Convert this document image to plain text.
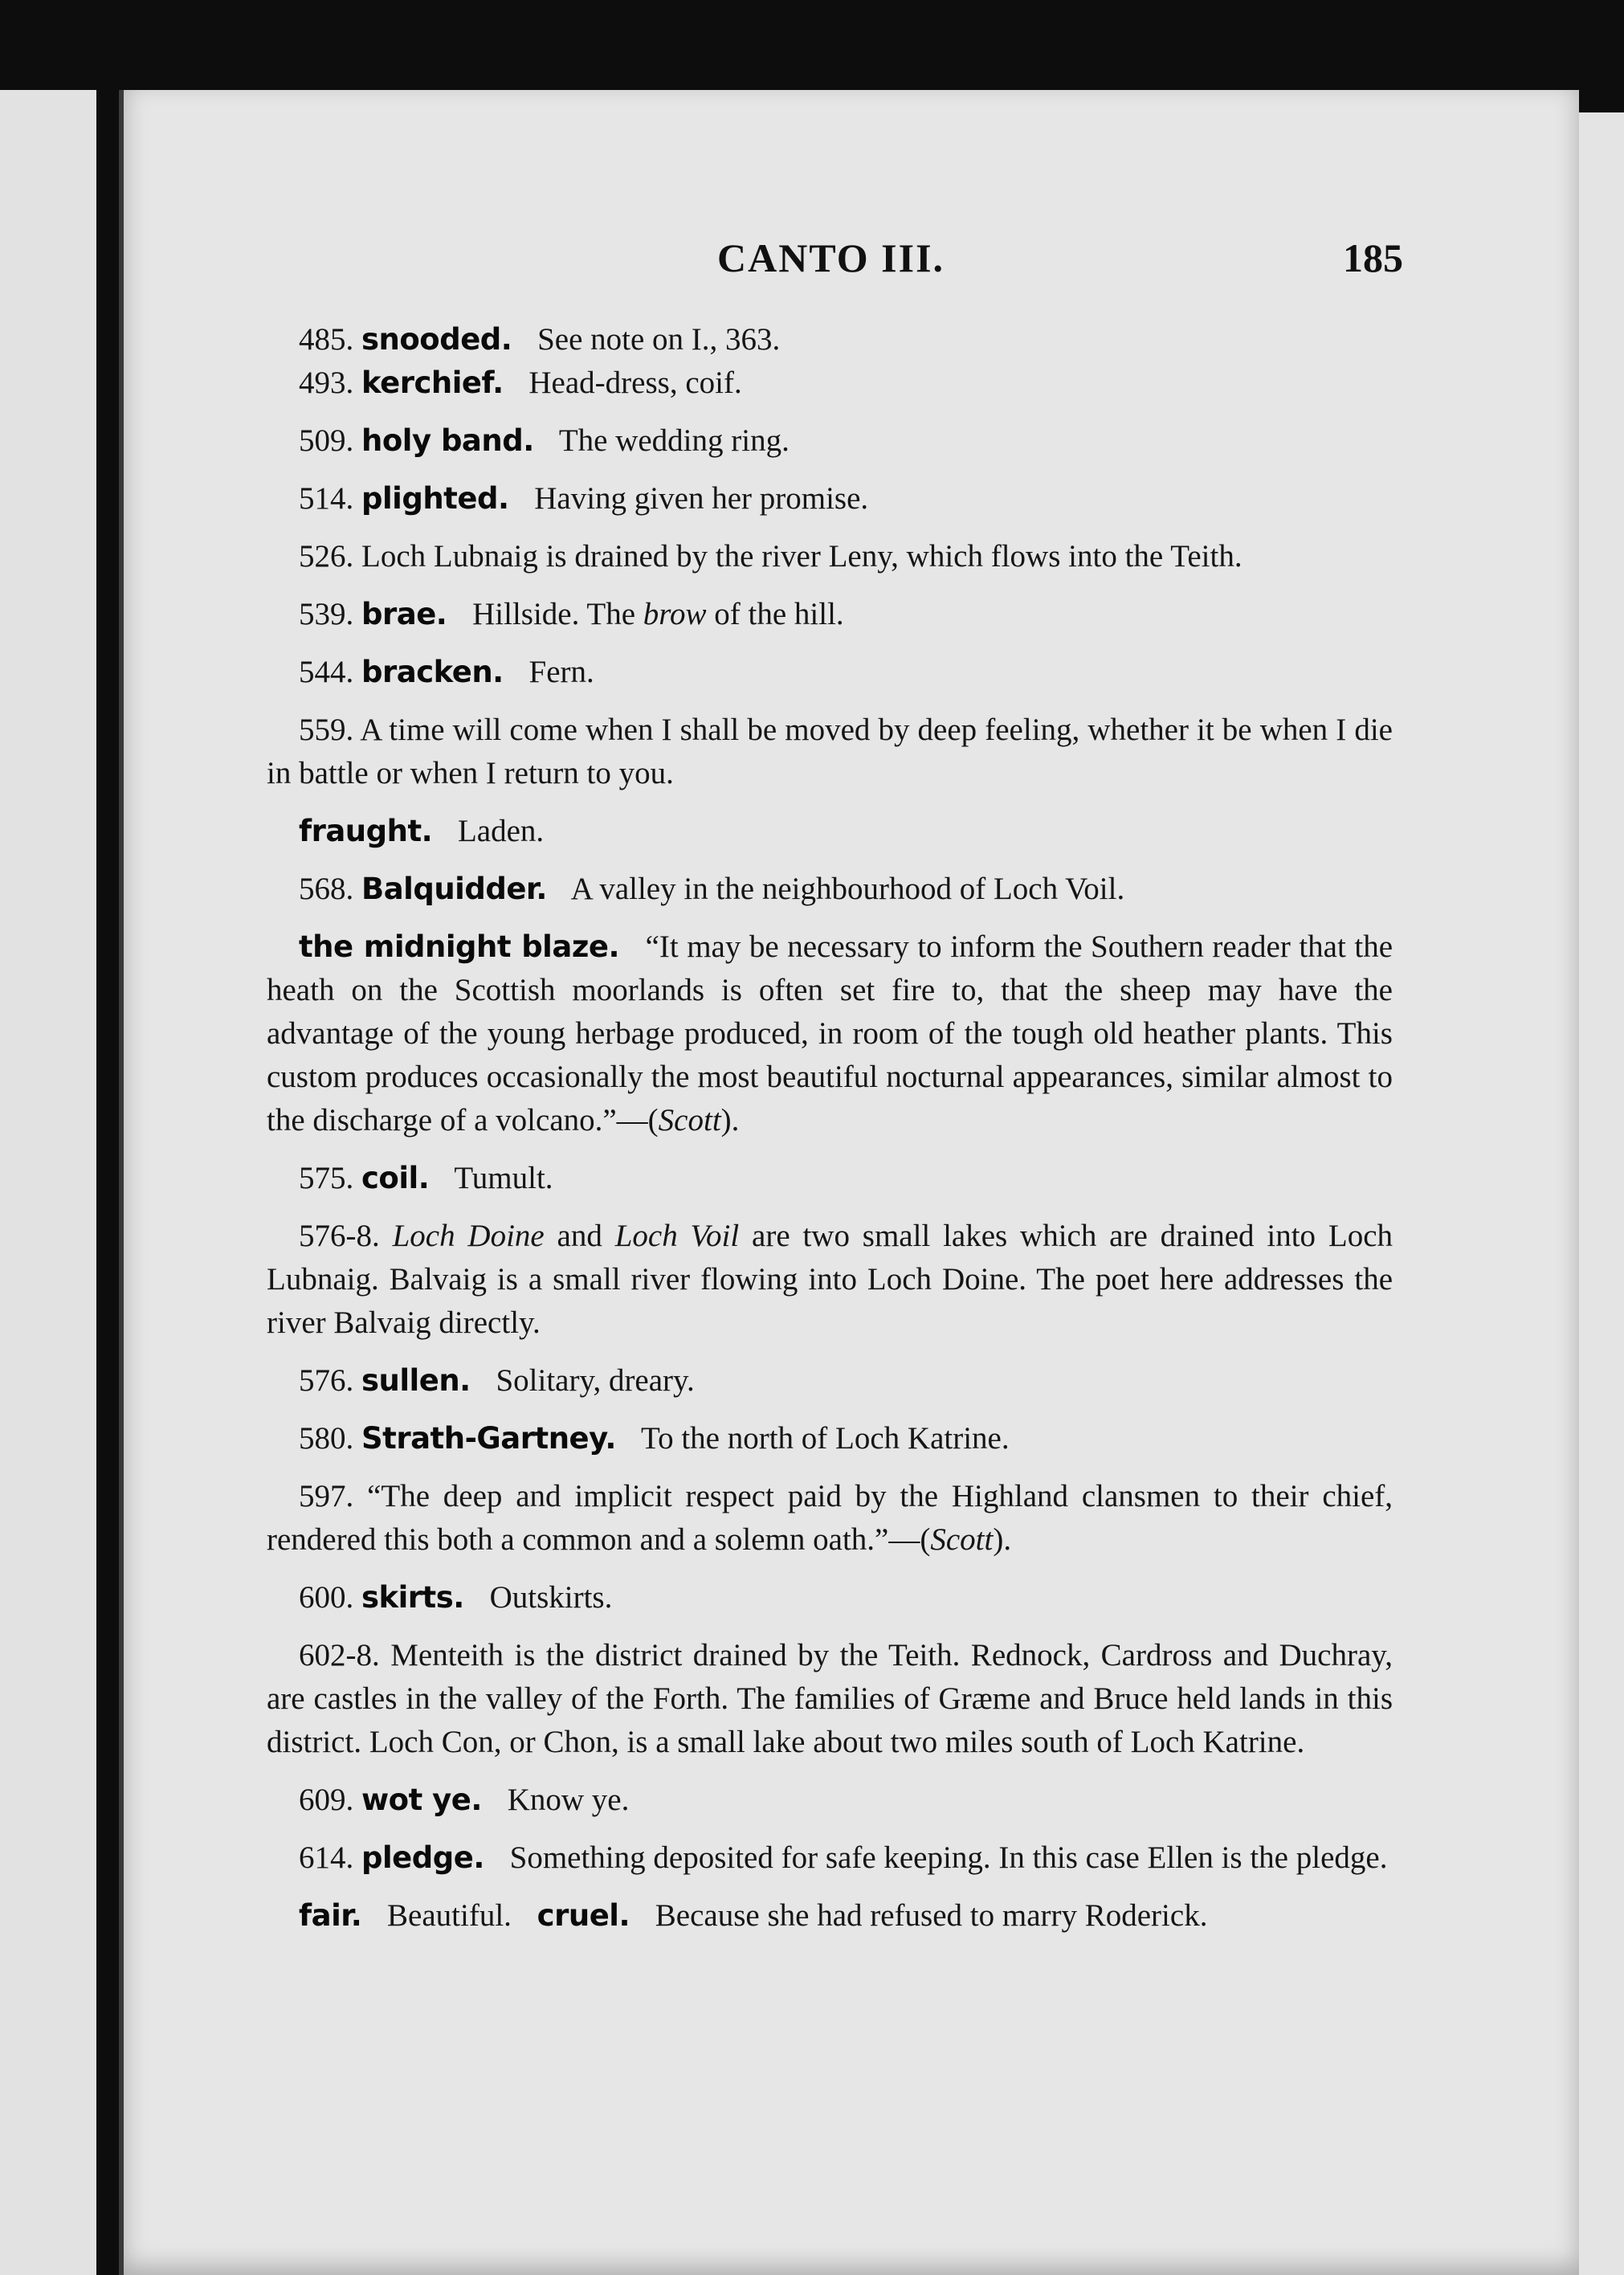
CANTO III.	185

485. snooded. See note on I., 363.

493. kerchief. Head-dress, coif.

509. holy band. The wedding ring.

514. plighted. Having given her promise.

526. Loch Lubnaig is drained by the river Leny, which flows into the Teith.

539. brae. Hillside. The brow of the hill.

544. bracken. Fern.

559. A time will come when I shall be moved by deep feeling, whether it be when I die in battle or when I return to you.

fraught. Laden.

568. Balquidder. A valley in the neighbourhood of Loch Voil.

the midnight blaze. “It may be necessary to inform the Southern reader that the heath on the Scottish moorlands is often set fire to, that the sheep may have the advantage of the young herbage produced, in room of the tough old heather plants. This custom produces occasionally the most beautiful nocturnal appearances, similar almost to the discharge of a volcano.”—(Scott).

575. coil. Tumult.

576-8. Loch Doine and Loch Voil are two small lakes which are drained into Loch Lubnaig. Balvaig is a small river flowing into Loch Doine. The poet here addresses the river Balvaig directly.

576. sullen. Solitary, dreary.

580. Strath-Gartney. To the north of Loch Katrine.

597. “The deep and implicit respect paid by the Highland clansmen to their chief, rendered this both a common and a solemn oath.”—(Scott).

600. skirts. Outskirts.

602-8. Menteith is the district drained by the Teith. Rednock, Cardross and Duchray, are castles in the valley of the Forth. The families of Græme and Bruce held lands in this district. Loch Con, or Chon, is a small lake about two miles south of Loch Katrine.

609. wot ye. Know ye.

614. pledge. Something deposited for safe keeping. In this case Ellen is the pledge.

fair. Beautiful. cruel. Because she had refused to marry Roderick.
